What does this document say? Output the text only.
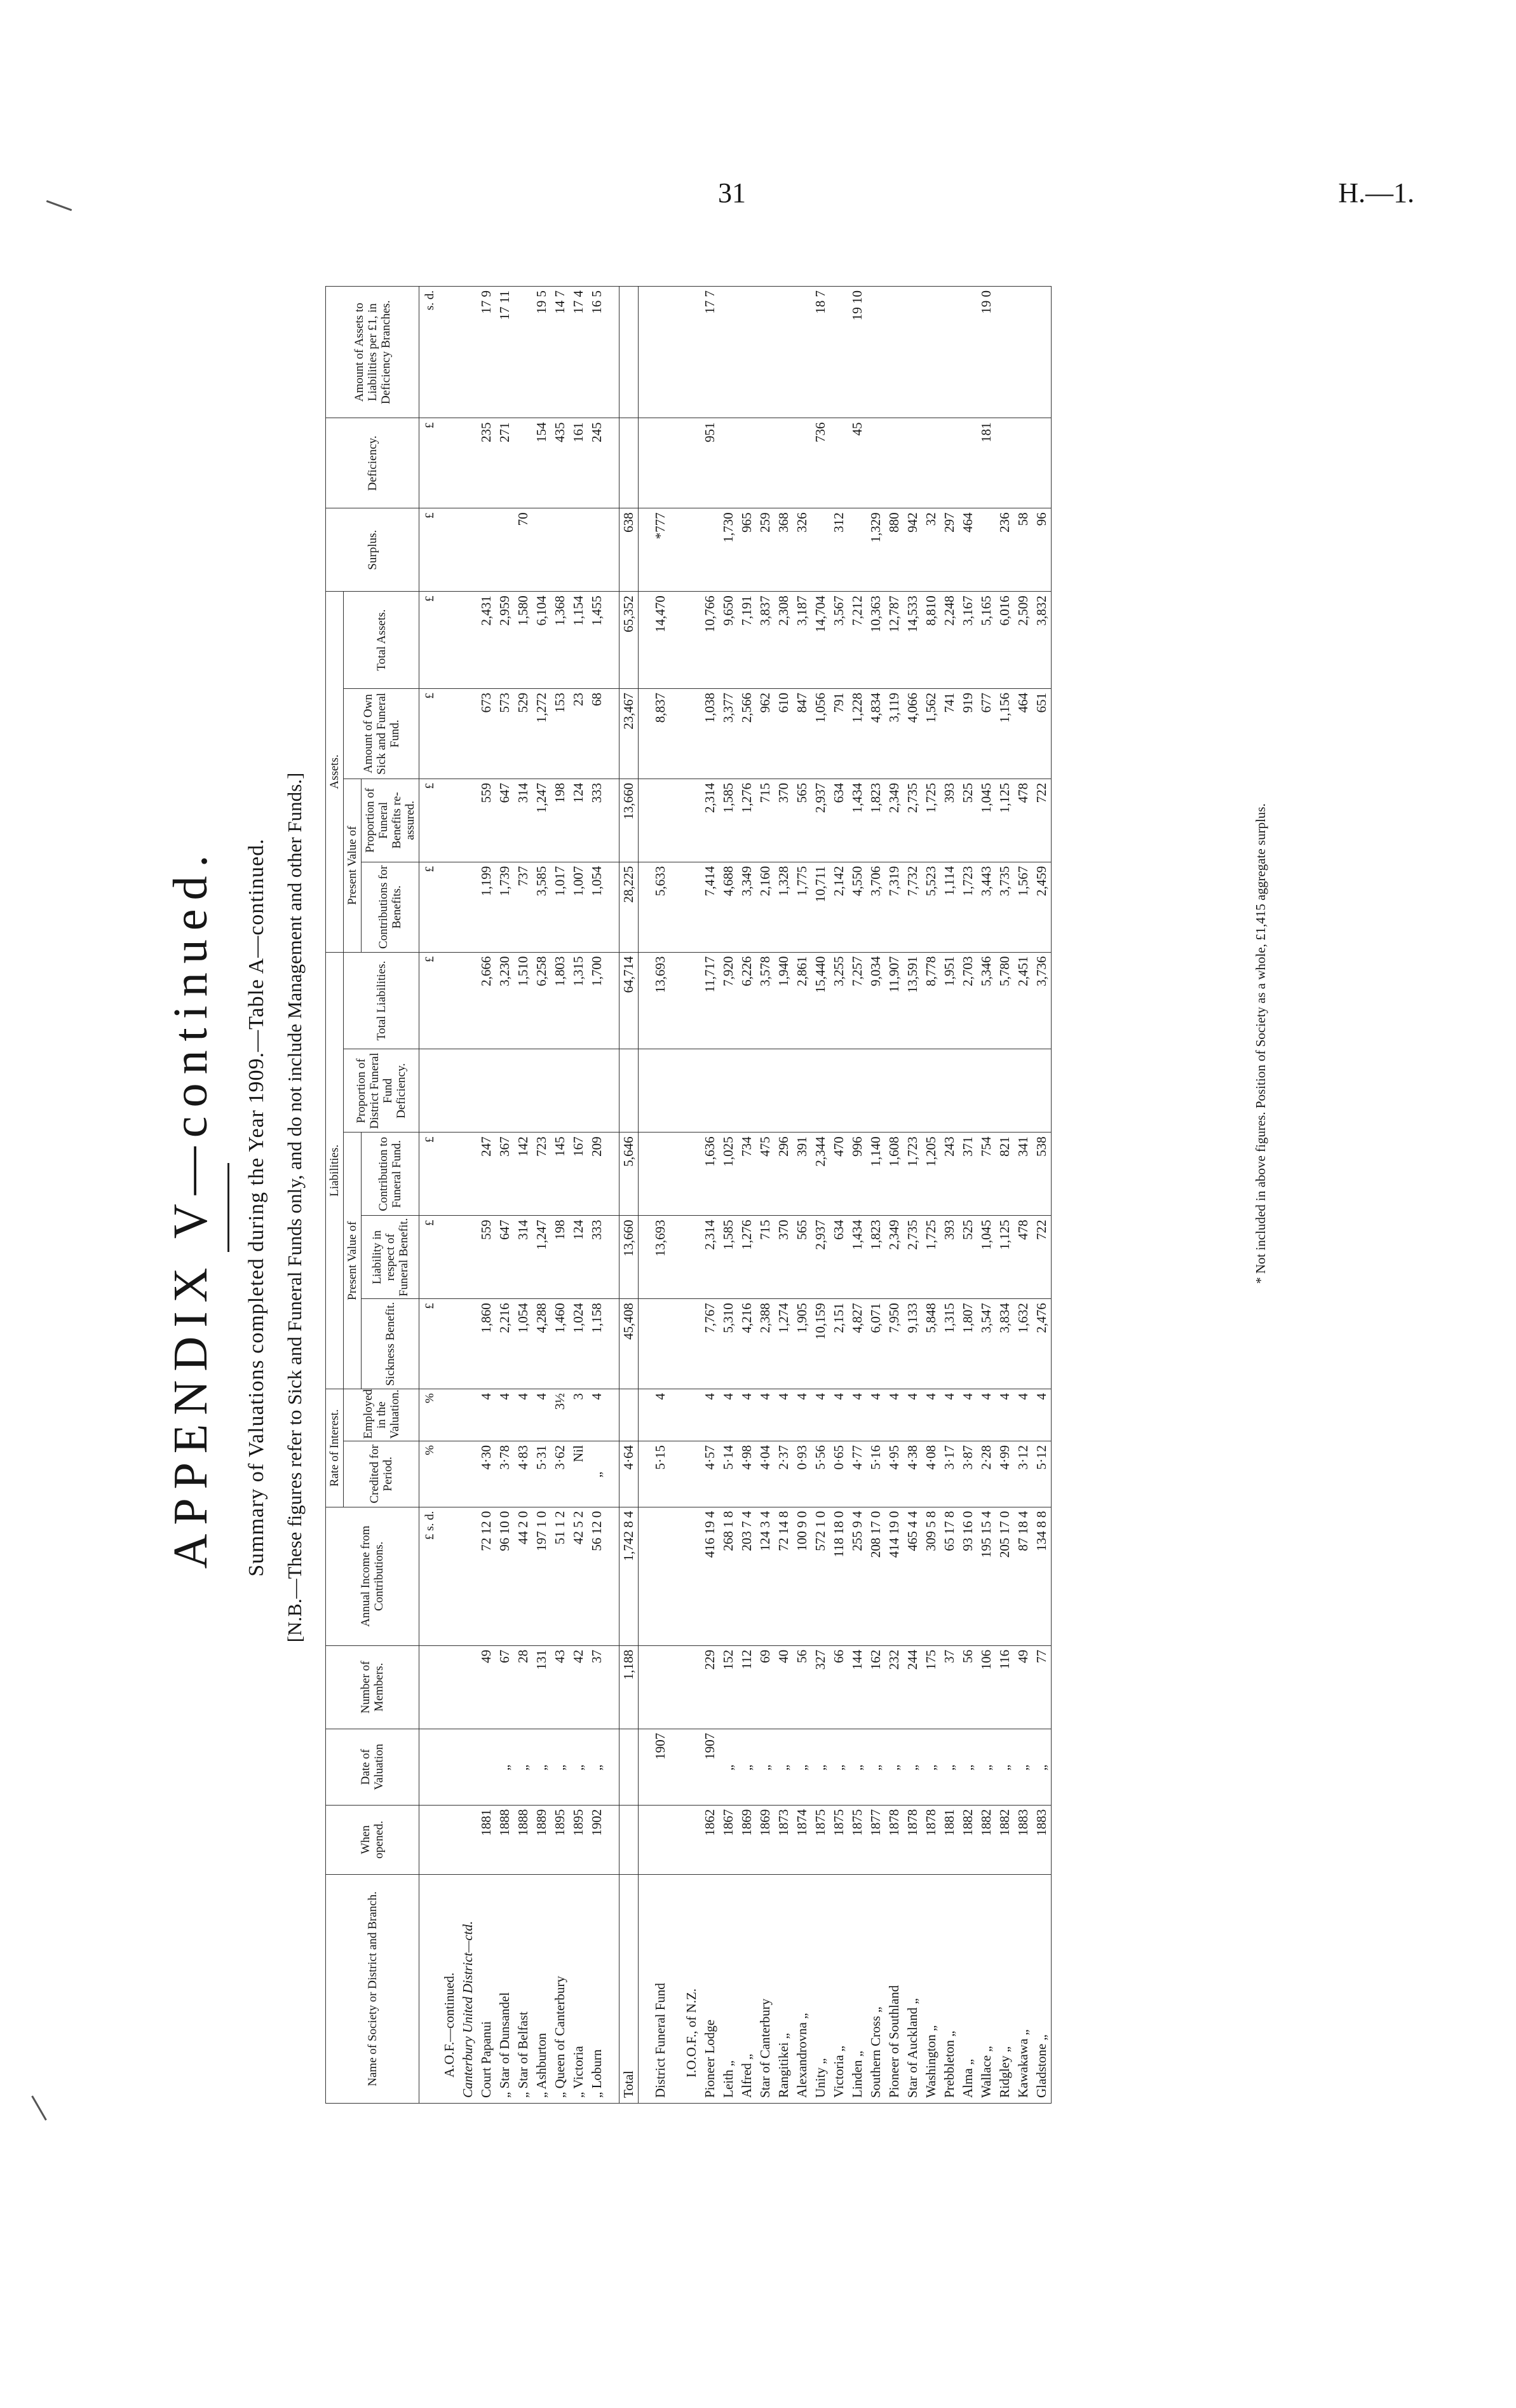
31	H.—1.
APPENDIX V—continued. Summary of Valuations completed during the Year 1909.—Table A—continued. [N.B.—These figures refer to Sick and Funeral Funds only, and do not include Management and other Funds.]
Name of Society or District and Branch.	When opened.	Date of Valuation	Number of Members.	Annual Income from Contributions.	Rate of Interest.		Liabilities.					Assets.				Surplus.	Deficiency.	Amount of Assets to Liabilities per £1, in Deficiency Branches.
					Credited for Period.	Employed in the Valuation.	Present Value of			Proportion of District Funeral Fund Deficiency.	Total Liabilities.	Present Value of		Amount of Own Sick and Funeral Fund.	Total Assets.			
							Sickness Benefit.	Liability in respect of Funeral Benefit.	Contribution to Funeral Fund.			Contributions for Benefits.	Proportion of Funeral Benefits re-assured.					
				£ s. d.	%	%	£	£	£		£	£	£	£	£	£	£	s. d.
A.O.F.—continued.																		
Canterbury United District—ctd.																		
Court Papanui	1881		49	72 12 0	4·30	4	1,860	559	247		2,666	1,199	559	673	2,431		235	17 9
„ Star of Dunsandel	1888	„	67	96 10 0	3·78	4	2,216	647	367		3,230	1,739	647	573	2,959		271	17 11
„ Star of Belfast	1888	„	28	44 2 0	4·83	4	1,054	314	142		1,510	737	314	529	1,580	70		
„ Ashburton	1889	„	131	197 1 0	5·31	4	4,288	1,247	723		6,258	3,585	1,247	1,272	6,104		154	19 5
„ Queen of Canterbury	1895	„	43	51 1 2	3·62	3½	1,460	198	145		1,803	1,017	198	153	1,368		435	14 7
„ Victoria	1895	„	42	42 5 2	Nil	3	1,024	124	167		1,315	1,007	124	23	1,154		161	17 4
„ Loburn	1902	„	37	56 12 0	„	4	1,158	333	209		1,700	1,054	333	68	1,455		245	16 5

Total			1,188	1,742 8 4	4·64		45,408	13,660	5,646		64,714	28,225	13,660	23,467	65,352	638		

District Funeral Fund		1907			5·15	4		13,693			13,693	5,633		8,837	14,470	*777		

I.O.O.F., of N.Z.																		
Pioneer Lodge	1862	1907	229	416 19 4	4·57	4	7,767	2,314	1,636		11,717	7,414	2,314	1,038	10,766		951	17 7
Leith „	1867	„	152	268 1 8	5·14	4	5,310	1,585	1,025		7,920	4,688	1,585	3,377	9,650	1,730		
Alfred „	1869	„	112	203 7 4	4·98	4	4,216	1,276	734		6,226	3,349	1,276	2,566	7,191	965		
Star of Canterbury	1869	„	69	124 3 4	4·04	4	2,388	715	475		3,578	2,160	715	962	3,837	259		
Rangitikei „	1873	„	40	72 14 8	2·37	4	1,274	370	296		1,940	1,328	370	610	2,308	368		
Alexandrovna „	1874	„	56	100 9 0	0·93	4	1,905	565	391		2,861	1,775	565	847	3,187	326		
Unity „	1875	„	327	572 1 0	5·56	4	10,159	2,937	2,344		15,440	10,711	2,937	1,056	14,704		736	18 7
Victoria „	1875	„	66	118 18 0	0·65	4	2,151	634	470		3,255	2,142	634	791	3,567	312		
Linden „	1875	„	144	255 9 4	4·77	4	4,827	1,434	996		7,257	4,550	1,434	1,228	7,212		45	19 10
Southern Cross „	1877	„	162	208 17 0	5·16	4	6,071	1,823	1,140		9,034	3,706	1,823	4,834	10,363	1,329		
Pioneer of Southland	1878	„	232	414 19 0	4·95	4	7,950	2,349	1,608		11,907	7,319	2,349	3,119	12,787	880		
Star of Auckland „	1878	„	244	465 4 4	4·38	4	9,133	2,735	1,723		13,591	7,732	2,735	4,066	14,533	942		
Washington „	1878	„	175	309 5 8	4·08	4	5,848	1,725	1,205		8,778	5,523	1,725	1,562	8,810	32		
Prebbleton „	1881	„	37	65 17 8	3·17	4	1,315	393	243		1,951	1,114	393	741	2,248	297		
Alma „	1882	„	56	93 16 0	3·87	4	1,807	525	371		2,703	1,723	525	919	3,167	464		
Wallace „	1882	„	106	195 15 4	2·28	4	3,547	1,045	754		5,346	3,443	1,045	677	5,165		181	19 0
Ridgley „	1882	„	116	205 17 0	4·99	4	3,834	1,125	821		5,780	3,735	1,125	1,156	6,016	236		
Kawakawa „	1883	„	49	87 18 4	3·12	4	1,632	478	341		2,451	1,567	478	464	2,509	58		
Gladstone „	1883	„	77	134 8 8	5·12	4	2,476	722	538		3,736	2,459	722	651	3,832	96		
* Not included in above figures. Position of Society as a whole, £1,415 aggregate surplus.
